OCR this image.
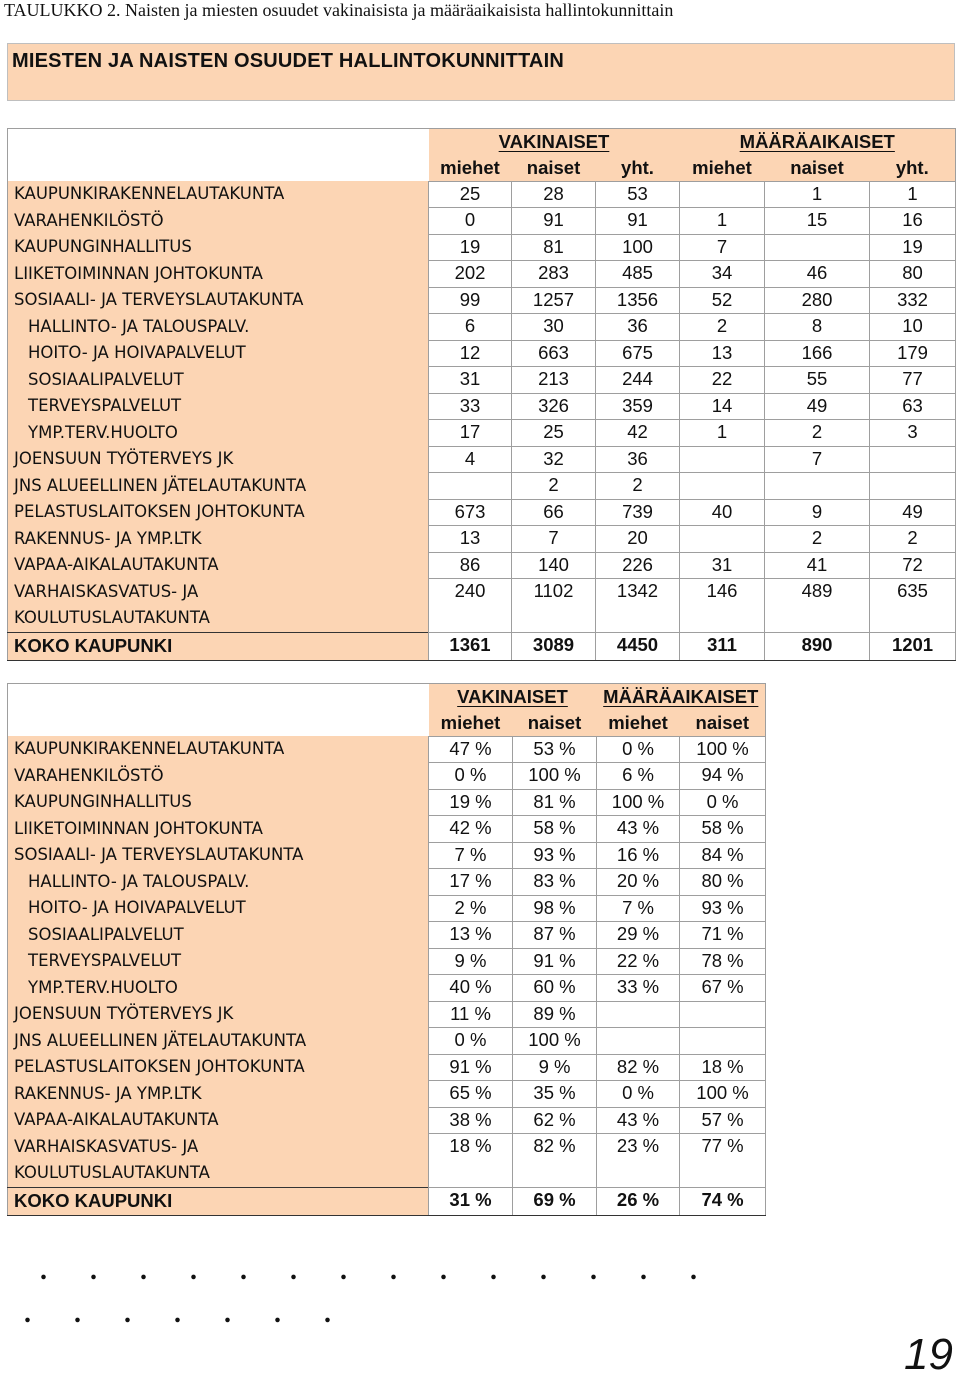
TAULUKKO 2. Naisten ja miesten osuudet vakinaisista ja määräaikaisista hallintokunnittain
MIESTEN JA NAISTEN OSUUDET HALLINTOKUNNITTAIN
	VAKINAISET			MÄÄRÄAIKAISET		
	miehet	naiset	yht.	miehet	naiset	yht.

KAUPUNKIRAKENNELAUTAKUNTA	25	28	53		1	1

VARAHENKILÖSTÖ	0	91	91	1	15	16

KAUPUNGINHALLITUS	19	81	100	7		19

LIIKETOIMINNAN JOHTOKUNTA	202	283	485	34	46	80

SOSIAALI- JA TERVEYSLAUTAKUNTA	99	1257	1356	52	280	332

HALLINTO- JA TALOUSPALV.	6	30	36	2	8	10

HOITO- JA HOIVAPALVELUT	12	663	675	13	166	179

SOSIAALIPALVELUT	31	213	244	22	55	77

TERVEYSPALVELUT	33	326	359	14	49	63

YMP.TERV.HUOLTO	17	25	42	1	2	3

JOENSUUN TYÖTERVEYS JK	4	32	36		7	

JNS ALUEELLINEN JÄTELAUTAKUNTA		2	2			

PELASTUSLAITOKSEN JOHTOKUNTA	673	66	739	40	9	49

RAKENNUS- JA YMP.LTK	13	7	20		2	2

VAPAA-AIKALAUTAKUNTA	86	140	226	31	41	72

VARHAISKASVATUS- JA
KOULUTUSLAUTAKUNTA	240	1102	1342	146	489	635
KOKO KAUPUNKI	1361	3089	4450	311	890	1201
	VAKINAISET		MÄÄRÄAIKAISET	
	miehet	naiset	miehet	naiset

KAUPUNKIRAKENNELAUTAKUNTA	47 %	53 %	0 %	100 %

VARAHENKILÖSTÖ	0 %	100 %	6 %	94 %

KAUPUNGINHALLITUS	19 %	81 %	100 %	0 %

LIIKETOIMINNAN JOHTOKUNTA	42 %	58 %	43 %	58 %

SOSIAALI- JA TERVEYSLAUTAKUNTA	7 %	93 %	16 %	84 %

HALLINTO- JA TALOUSPALV.	17 %	83 %	20 %	80 %

HOITO- JA HOIVAPALVELUT	2 %	98 %	7 %	93 %

SOSIAALIPALVELUT	13 %	87 %	29 %	71 %

TERVEYSPALVELUT	9 %	91 %	22 %	78 %

YMP.TERV.HUOLTO	40 %	60 %	33 %	67 %

JOENSUUN TYÖTERVEYS JK	11 %	89 %		

JNS ALUEELLINEN JÄTELAUTAKUNTA	0 %	100 %		

PELASTUSLAITOKSEN JOHTOKUNTA	91 %	9 %	82 %	18 %

RAKENNUS- JA YMP.LTK	65 %	35 %	0 %	100 %

VAPAA-AIKALAUTAKUNTA	38 %	62 %	43 %	57 %

VARHAISKASVATUS- JA
KOULUTUSLAUTAKUNTA	18 %	82 %	23 %	77 %
KOKO KAUPUNKI	31 %	69 %	26 %	74 %
. . . . . . . . . . . . . .
. . . . . . .
19
